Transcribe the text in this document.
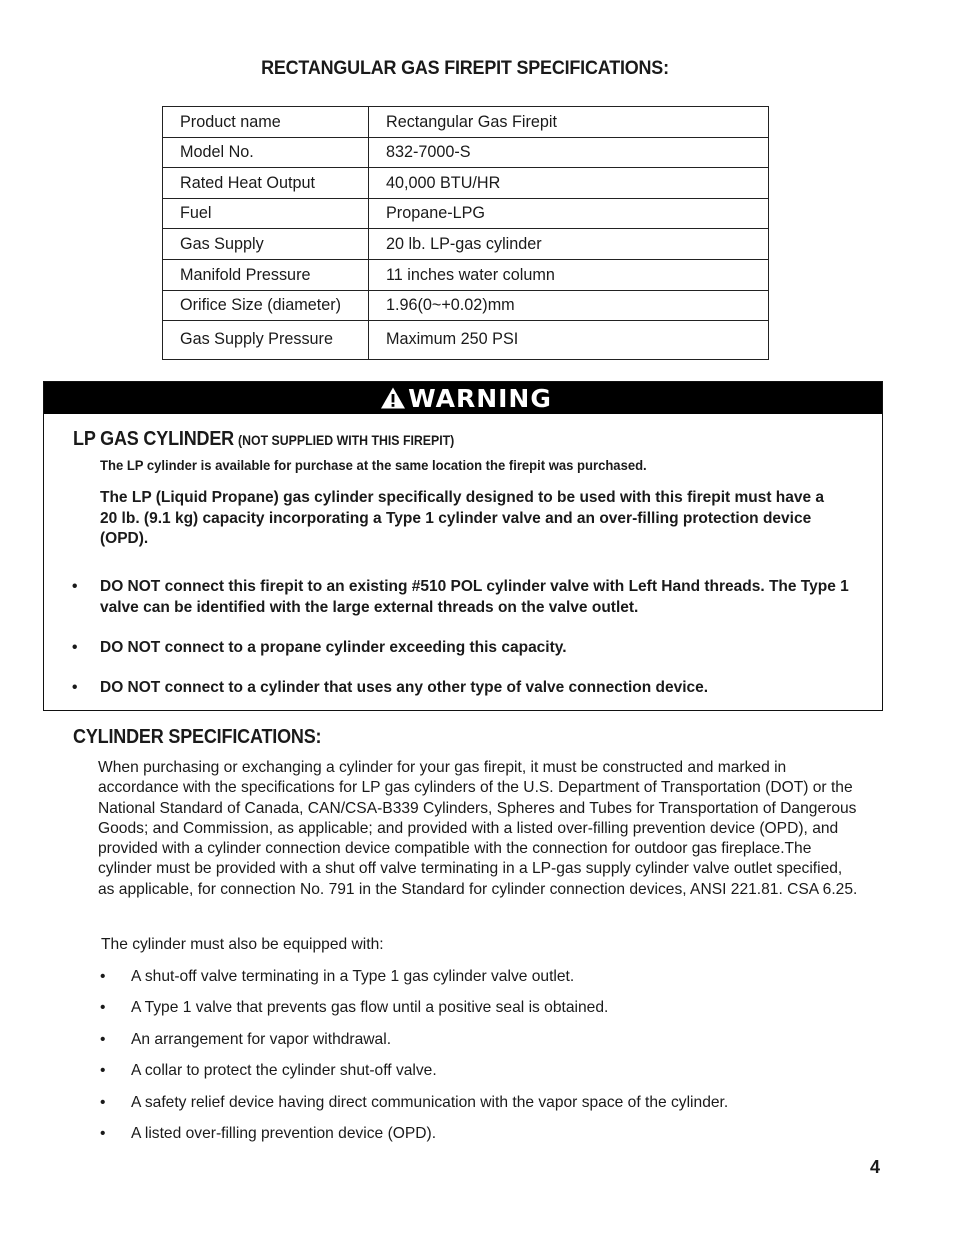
RECTANGULAR GAS FIREPIT SPECIFICATIONS:
Product name	Rectangular Gas Firepit
Model No.	832-7000-S
Rated Heat Output	40,000 BTU/HR
Fuel	Propane-LPG
Gas Supply	20 lb. LP-gas cylinder
Manifold Pressure	11 inches water column
Orifice Size (diameter)	1.96(0~+0.02)mm
Gas Supply Pressure	Maximum 250 PSI
WARNING
LP GAS CYLINDER (NOT SUPPLIED WITH THIS FIREPIT)
The LP cylinder is available for purchase at the same location the firepit was purchased.
The LP (Liquid Propane) gas cylinder specifically designed to be used with this firepit must have a 20 lb. (9.1 kg) capacity incorporating a Type 1 cylinder valve and an over-filling protection device (OPD).
• DO NOT connect this firepit to an existing #510 POL cylinder valve with Left Hand threads. The Type 1 valve can be identified with the large external threads on the valve outlet.
• DO NOT connect to a propane cylinder exceeding this capacity.
• DO NOT connect to a cylinder that uses any other type of valve connection device.
CYLINDER SPECIFICATIONS:
When purchasing or exchanging a cylinder for your gas firepit, it must be constructed and marked in accordance with the specifications for LP gas cylinders of the U.S. Department of Transportation (DOT) or the National Standard of Canada, CAN/CSA-B339 Cylinders, Spheres and Tubes for Transportation of Dangerous Goods; and Commission, as applicable; and provided with a listed over-filling prevention device (OPD), and provided with a cylinder connection device compatible with the connection for outdoor gas fireplace.The cylinder must be provided with a shut off valve terminating in a LP-gas supply cylinder valve outlet specified, as applicable, for connection No. 791 in the Standard for cylinder connection devices, ANSI 221.81. CSA 6.25.
The cylinder must also be equipped with:
• A shut-off valve terminating in a Type 1 gas cylinder valve outlet.
• A Type 1 valve that prevents gas flow until a positive seal is obtained.
• An arrangement for vapor withdrawal.
• A collar to protect the cylinder shut-off valve.
• A safety relief device having direct communication with the vapor space of the cylinder.
• A listed over-filling prevention device (OPD).
4
